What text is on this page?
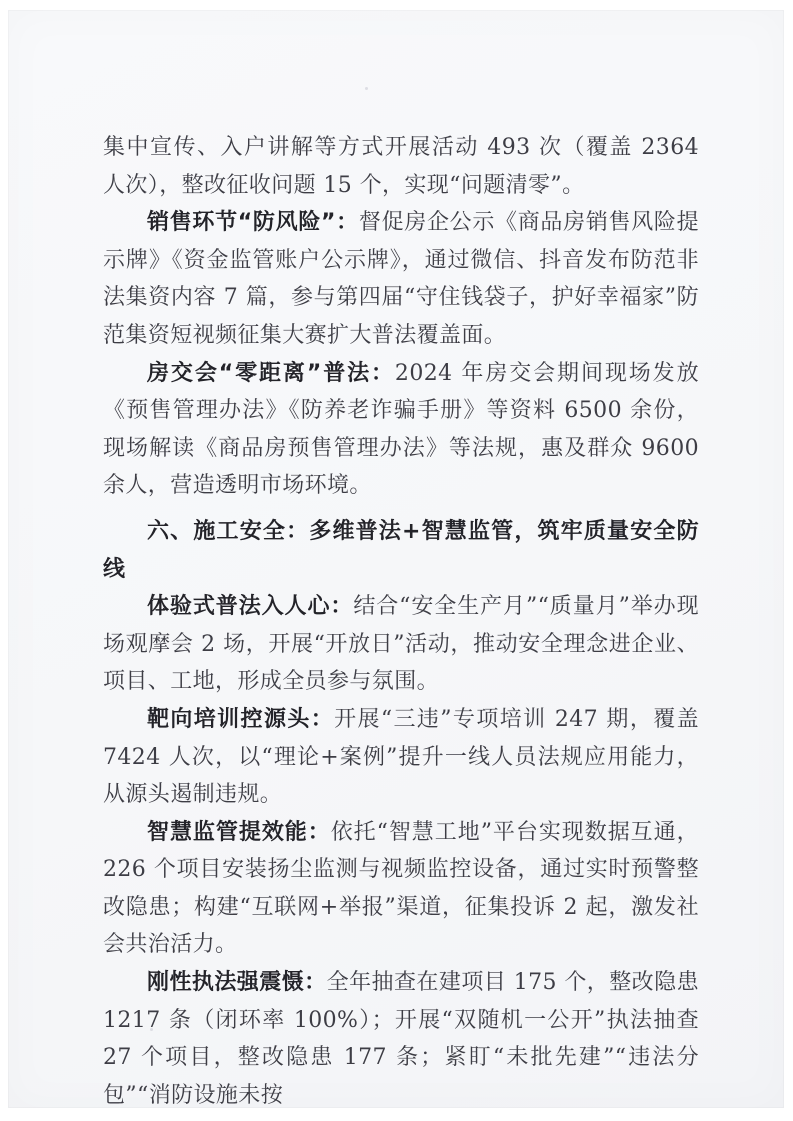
集中宣传、入户讲解等方式开展活动 493 次（覆盖 2364 人次），整改征收问题 15 个，实现“问题清零”。

销售环节“防风险”：督促房企公示《商品房销售风险提示牌》《资金监管账户公示牌》，通过微信、抖音发布防范非法集资内容 7 篇，参与第四届“守住钱袋子，护好幸福家”防范集资短视频征集大赛扩大普法覆盖面。

房交会“零距离”普法：2024 年房交会期间现场发放《预售管理办法》《防养老诈骗手册》等资料 6500 余份，现场解读《商品房预售管理办法》等法规，惠及群众 9600 余人，营造透明市场环境。

六、施工安全：多维普法+智慧监管，筑牢质量安全防线

体验式普法入人心：结合“安全生产月”“质量月”举办现场观摩会 2 场，开展“开放日”活动，推动安全理念进企业、项目、工地，形成全员参与氛围。

靶向培训控源头：开展“三违”专项培训 247 期，覆盖 7424 人次，以“理论+案例”提升一线人员法规应用能力，从源头遏制违规。

智慧监管提效能：依托“智慧工地”平台实现数据互通，226 个项目安装扬尘监测与视频监控设备，通过实时预警整改隐患；构建“互联网+举报”渠道，征集投诉 2 起，激发社会共治活力。

刚性执法强震慑：全年抽查在建项目 175 个，整改隐患 1217 条（闭环率 100%）；开展“双随机一公开”执法抽查 27 个项目，整改隐患 177 条；紧盯“未批先建”“违法分包”“消防设施未按
